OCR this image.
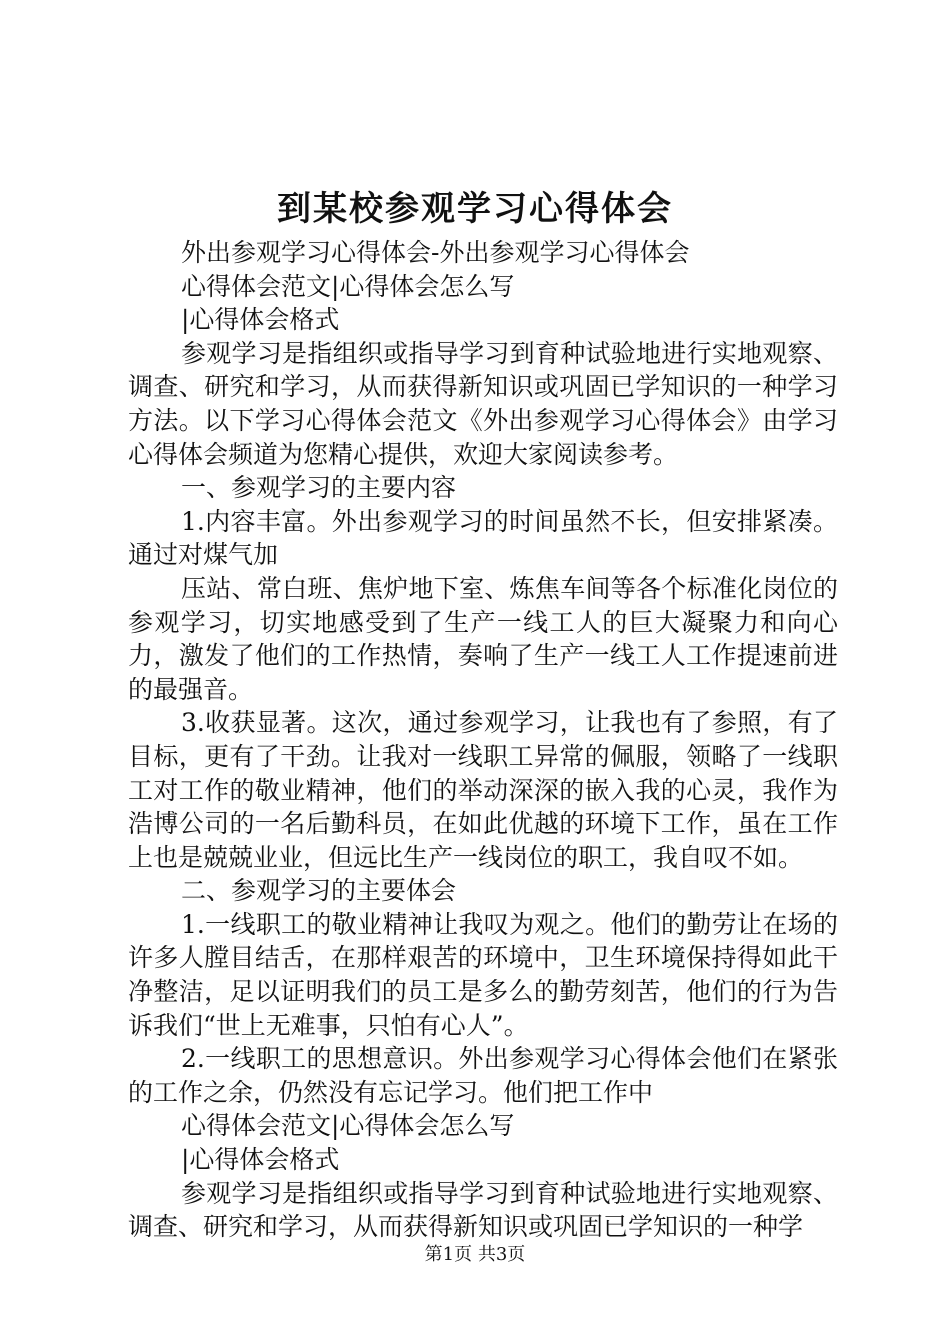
到某校参观学习心得体会

外出参观学习心得体会-外出参观学习心得体会

心得体会范文|心得体会怎么写

|心得体会格式

参观学习是指组织或指导学习到育种试验地进行实地观察、调查、研究和学习，从而获得新知识或巩固已学知识的一种学习方法。以下学习心得体会范文《外出参观学习心得体会》由学习心得体会频道为您精心提供，欢迎大家阅读参考。

一、参观学习的主要内容

1.内容丰富。外出参观学习的时间虽然不长，但安排紧凑。通过对煤气加

压站、常白班、焦炉地下室、炼焦车间等各个标准化岗位的参观学习，切实地感受到了生产一线工人的巨大凝聚力和向心力，激发了他们的工作热情，奏响了生产一线工人工作提速前进的最强音。

3.收获显著。这次，通过参观学习，让我也有了参照，有了目标，更有了干劲。让我对一线职工异常的佩服，领略了一线职工对工作的敬业精神，他们的举动深深的嵌入我的心灵，我作为浩博公司的一名后勤科员，在如此优越的环境下工作，虽在工作上也是兢兢业业，但远比生产一线岗位的职工，我自叹不如。

二、参观学习的主要体会

1.一线职工的敬业精神让我叹为观之。他们的勤劳让在场的许多人膛目结舌，在那样艰苦的环境中，卫生环境保持得如此干净整洁，足以证明我们的员工是多么的勤劳刻苦，他们的行为告诉我们“世上无难事，只怕有心人”。

2.一线职工的思想意识。外出参观学习心得体会他们在紧张的工作之余，仍然没有忘记学习。他们把工作中

心得体会范文|心得体会怎么写

|心得体会格式

参观学习是指组织或指导学习到育种试验地进行实地观察、调查、研究和学习，从而获得新知识或巩固已学知识的一种学

第1页 共3页
